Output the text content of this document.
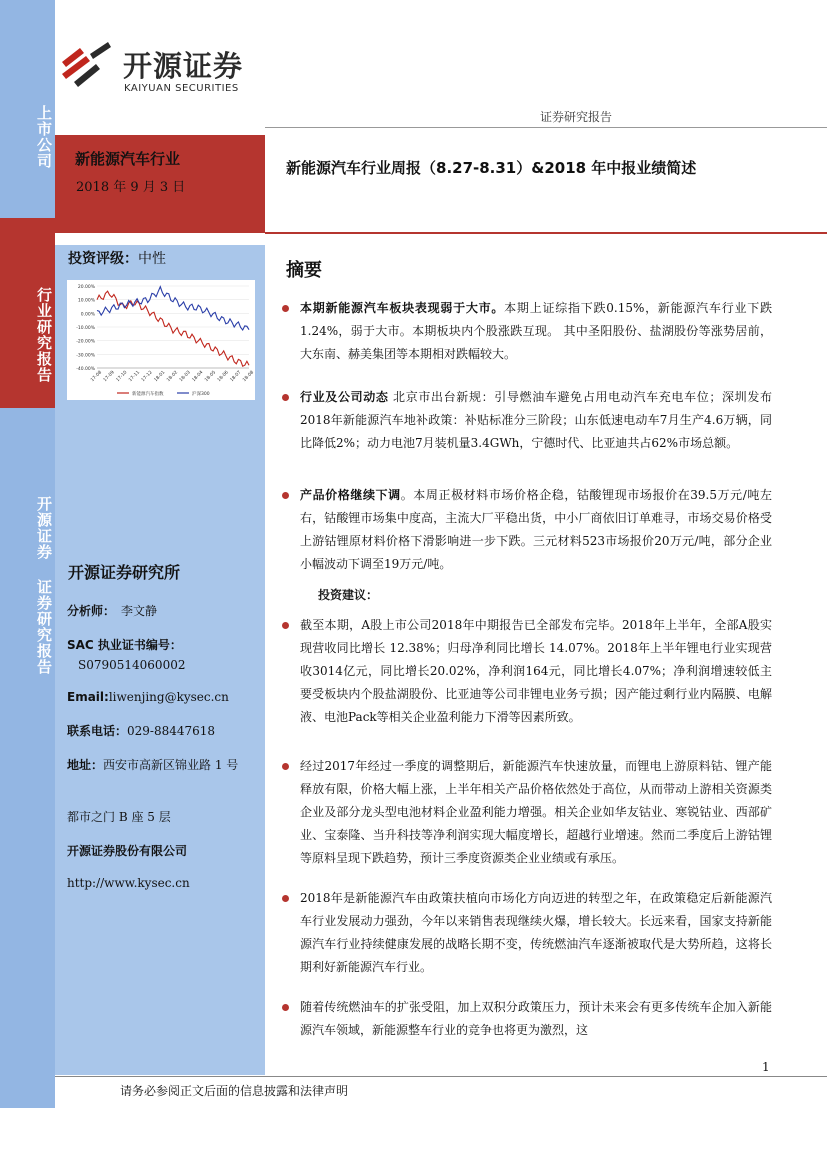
上市公司
行业研究报告
开源证券 证券研究报告
开源证券
KAIYUAN SECURITIES
证券研究报告
新能源汽车行业
2018 年 9 月 3 日
新能源汽车行业周报（8.27-8.31）&2018 年中报业绩简述
投资评级：中性
20.00%
10.00%
0.00%
-10.00%
-20.00%
-30.00%
-40.00%
17-08 17-09 17-10 17-11 17-12 18-01 18-02 18-03 18-04 18-05 18-06 18-07 18-08
新能源汽车指数	沪深300
开源证券研究所
分析师： 李文静
SAC 执业证书编号：
S0790514060002
Email:liwenjing@kysec.cn
联系电话：029-88447618
地址：西安市高新区锦业路 1 号
都市之门 B 座 5 层
开源证券股份有限公司
http://www.kysec.cn
摘要
本期新能源汽车板块表现弱于大市。本期上证综指下跌0.15%，新能源汽车行业下跌1.24%，弱于大市。本期板块内个股涨跌互现。 其中圣阳股份、盐湖股份等涨势居前，大东南、赫美集团等本期相对跌幅较大。
行业及公司动态 北京市出台新规：引导燃油车避免占用电动汽车充电车位；深圳发布2018年新能源汽车地补政策：补贴标准分三阶段；山东低速电动车7月生产4.6万辆，同比降低2%；动力电池7月装机量3.4GWh，宁德时代、比亚迪共占62%市场总额。
产品价格继续下调。本周正极材料市场价格企稳，钴酸锂现市场报价在39.5万元/吨左右，钴酸锂市场集中度高，主流大厂平稳出货，中小厂商依旧订单难寻，市场交易价格受上游钴锂原材料价格下滑影响进一步下跌。三元材料523市场报价20万元/吨，部分企业小幅波动下调至19万元/吨。
投资建议：
截至本期，A股上市公司2018年中期报告已全部发布完毕。2018年上半年，全部A股实现营收同比增长 12.38%；归母净利同比增长 14.07%。2018年上半年锂电行业实现营收3014亿元，同比增长20.02%，净利润164元，同比增长4.07%；净利润增速较低主要受板块内个股盐湖股份、比亚迪等公司非锂电业务亏损；因产能过剩行业内隔膜、电解液、电池Pack等相关企业盈利能力下滑等因素所致。
经过2017年经过一季度的调整期后，新能源汽车快速放量，而锂电上游原料钴、锂产能释放有限，价格大幅上涨，上半年相关产品价格依然处于高位，从而带动上游相关资源类企业及部分龙头型电池材料企业盈利能力增强。相关企业如华友钴业、寒锐钴业、西部矿业、宝泰隆、当升科技等净利润实现大幅度增长，超越行业增速。然而二季度后上游钴锂等原料呈现下跌趋势，预计三季度资源类企业业绩或有承压。
2018年是新能源汽车由政策扶植向市场化方向迈进的转型之年，在政策稳定后新能源汽车行业发展动力强劲，今年以来销售表现继续火爆，增长较大。长远来看，国家支持新能源汽车行业持续健康发展的战略长期不变，传统燃油汽车逐渐被取代是大势所趋，这将长期利好新能源汽车行业。
随着传统燃油车的扩张受阻，加上双积分政策压力，预计未来会有更多传统车企加入新能源汽车领域，新能源整车行业的竞争也将更为激烈，这
1
请务必参阅正文后面的信息披露和法律声明
